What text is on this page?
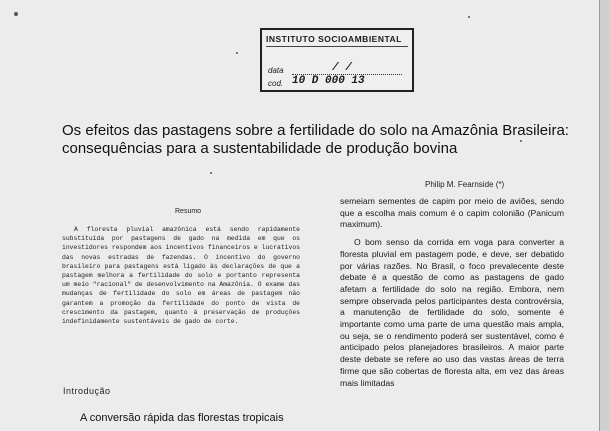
INSTITUTO SOCIOAMBIENTAL
data	/ /
cod. 10 D 000 13
Os efeitos das pastagens sobre a fertilidade do solo na Amazônia Brasileira: consequências para a sustentabilidade de produção bovina
Philip M. Fearnside (*)
Resumo

A floresta pluvial amazônica está sendo rapidamente substituída por pastagens de gado na medida em que os investidores respondem aos incentivos financeiros e lucrativos das novas estradas de fazendas. O incentivo do governo brasileiro para pastagens está ligado às declarações de que a pastagem melhora a fertilidade do solo e portanto representa um meio "racional" de desenvolvimento na Amazônia. O exame das mudanças de fertilidade do solo em áreas de pastagem não garantem a promoção da fertilidade do ponto de vista de crescimento da pastagem, quanto à preservação de produções indefinidamente sustentáveis de gado de corte.

Introdução
A conversão rápida das florestas tropicais

semeiam sementes de capim por meio de aviões, sendo que a escolha mais comum é o capim colonião (Panicum maximum).

O bom senso da corrida em voga para converter a floresta pluvial em pastagem pode, e deve, ser debatido por várias razões. No Brasil, o foco prevalecente deste debate é a questão de como as pastagens de gado afetam a fertilidade do solo na região. Embora, nem sempre observada pelos participantes desta controvérsia, a manutenção de fertilidade do solo, somente é importante como uma parte de uma questão mais ampla, ou seja, se o rendimento poderá ser sustentável, como é anticipado pelos planejadores brasileiros. A maior parte deste debate se refere ao uso das vastas áreas de terra firme que são cobertas de floresta alta, em vez das áreas mais limitadas
